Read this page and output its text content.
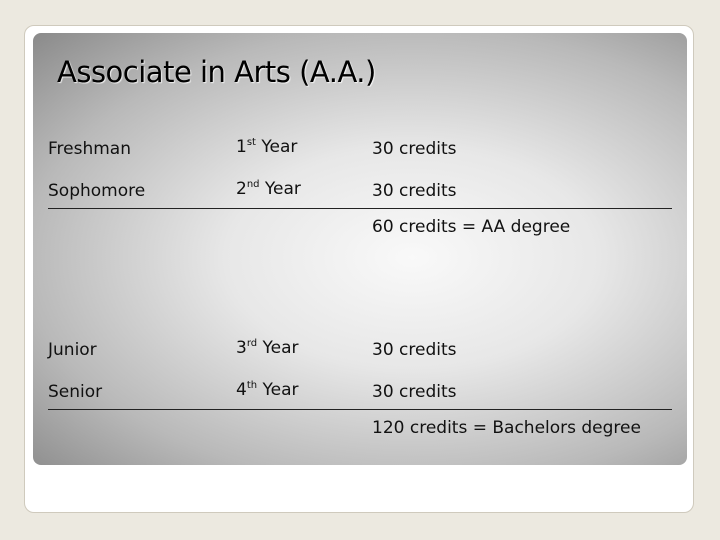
Associate in Arts (A.A.)
Freshman	1st Year	30 credits
Sophomore	2nd Year	30 credits
60 credits = AA degree
Junior	3rd Year	30 credits
Senior	4th Year	30 credits
120 credits = Bachelors degree
